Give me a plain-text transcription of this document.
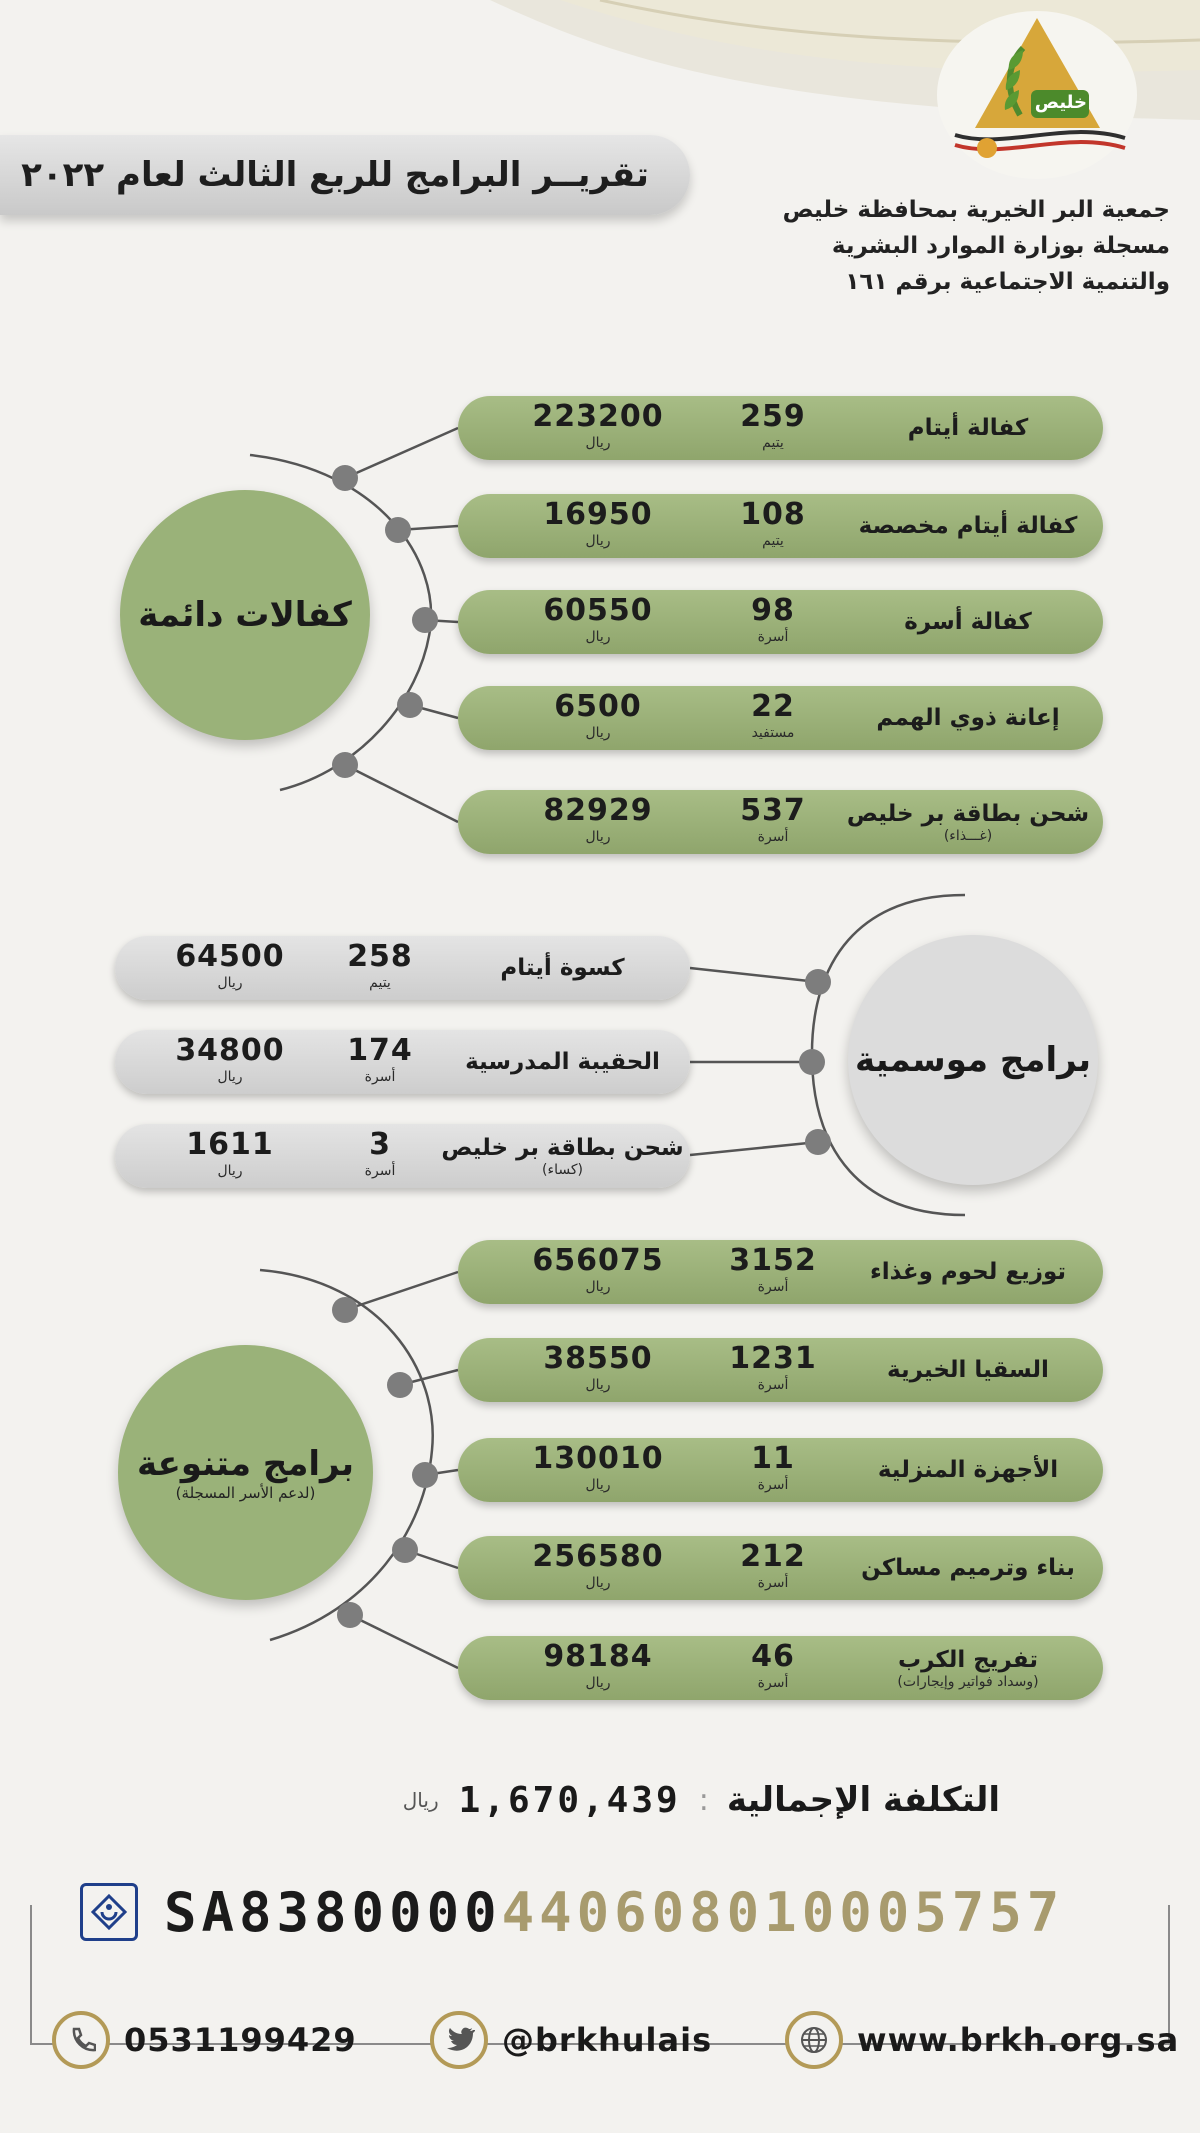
تقريــر البرامج للربع الثالث لعام ٢٠٢٢
خليص
جمعية البر الخيرية بمحافظة خليص
مسجلة بوزارة الموارد البشرية
والتنمية الاجتماعية برقم ١٦١
كفالات دائمة
223200
ريال
259
يتيم
كفالة أيتام
16950
ريال
108
يتيم
كفالة أيتام مخصصة
60550
ريال
98
أسرة
كفالة أسرة
6500
ريال
22
مستفيد
إعانة ذوي الهمم
82929
ريال
537
أسرة
شحن بطاقة بر خليص
(غـــذاء)
64500
ريال
258
يتيم
كسوة أيتام
34800
ريال
174
أسرة
الحقيبة المدرسية
1611
ريال
3
أسرة
شحن بطاقة بر خليص
(كساء)
656075
ريال
3152
أسرة
توزيع لحوم وغذاء
38550
ريال
1231
أسرة
السقيا الخيرية
130010
ريال
11
أسرة
الأجهزة المنزلية
256580
ريال
212
أسرة
بناء وترميم مساكن
98184
ريال
46
أسرة
تفريج الكرب
(وسداد فواتير وإيجارات)
برامج موسمية
برامج متنوعة
(لدعم الأسر المسجلة)
التكلفة الإجمالية
:
1,670,439
ريال
SA8380000 440608010005757
0531199429	@brkhulais	www.brkh.org.sa
